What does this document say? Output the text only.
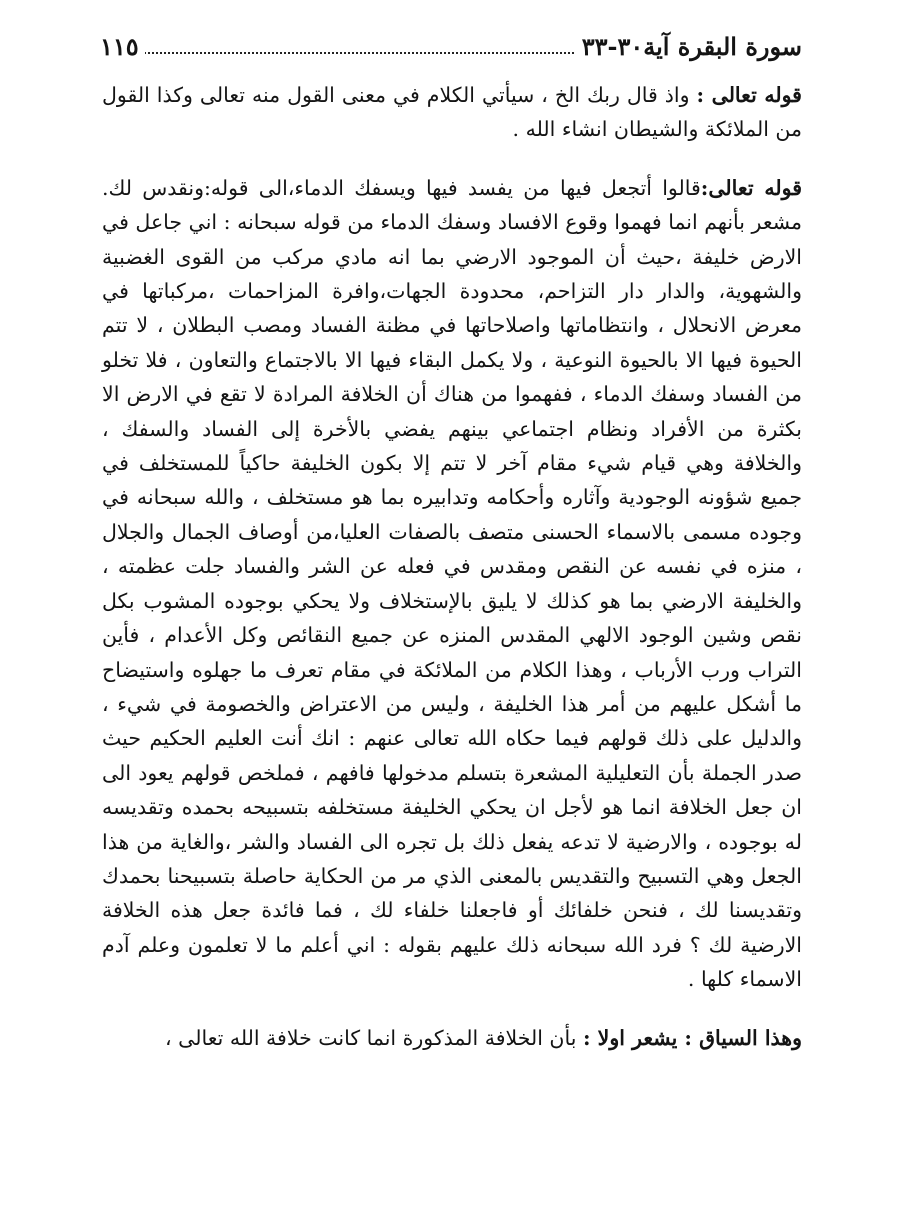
سورة البقرة آية٣٠-٣٣
١١٥

قوله تعالى : واذ قال ربك الخ ، سيأتي الكلام في معنى القول منه تعالى وكذا القول من الملائكة والشيطان انشاء الله .

قوله تعالى:قالوا أتجعل فيها من يفسد فيها ويسفك الدماء،الى قوله:ونقدس لك. مشعر بأنهم انما فهموا وقوع الافساد وسفك الدماء من قوله سبحانه : اني جاعل في الارض خليفة ،حيث أن الموجود الارضي بما انه مادي مركب من القوى الغضبية والشهوية، والدار دار التزاحم، محدودة الجهات،وافرة المزاحمات ،مركباتها في معرض الانحلال ، وانتظاماتها واصلاحاتها في مظنة الفساد ومصب البطلان ، لا تتم الحيوة فيها الا بالحيوة النوعية ، ولا يكمل البقاء فيها الا بالاجتماع والتعاون ، فلا تخلو من الفساد وسفك الدماء ، ففهموا من هناك أن الخلافة المرادة لا تقع في الارض الا بكثرة من الأفراد ونظام اجتماعي بينهم يفضي بالأخرة إلى الفساد والسفك ، والخلافة وهي قيام شيء مقام آخر لا تتم إلا بكون الخليفة حاكياً للمستخلف في جميع شؤونه الوجودية وآثاره وأحكامه وتدابيره بما هو مستخلف ، والله سبحانه في وجوده مسمى بالاسماء الحسنى متصف بالصفات العليا،من أوصاف الجمال والجلال ، منزه في نفسه عن النقص ومقدس في فعله عن الشر والفساد جلت عظمته ، والخليفة الارضي بما هو كذلك لا يليق بالإستخلاف ولا يحكي بوجوده المشوب بكل نقص وشين الوجود الالهي المقدس المنزه عن جميع النقائص وكل الأعدام ، فأين التراب ورب الأرباب ، وهذا الكلام من الملائكة في مقام تعرف ما جهلوه واستيضاح ما أشكل عليهم من أمر هذا الخليفة ، وليس من الاعتراض والخصومة في شيء ، والدليل على ذلك قولهم فيما حكاه الله تعالى عنهم : انك أنت العليم الحكيم حيث صدر الجملة بأن التعليلية المشعرة بتسلم مدخولها فافهم ، فملخص قولهم يعود الى ان جعل الخلافة انما هو لأجل ان يحكي الخليفة مستخلفه بتسبيحه بحمده وتقديسه له بوجوده ، والارضية لا تدعه يفعل ذلك بل تجره الى الفساد والشر ،والغاية من هذا الجعل وهي التسبيح والتقديس بالمعنى الذي مر من الحكاية حاصلة بتسبيحنا بحمدك وتقديسنا لك ، فنحن خلفائك أو فاجعلنا خلفاء لك ، فما فائدة جعل هذه الخلافة الارضية لك ؟ فرد الله سبحانه ذلك عليهم بقوله : اني أعلم ما لا تعلمون وعلم آدم الاسماء كلها .

وهذا السياق : يشعر اولا : بأن الخلافة المذكورة انما كانت خلافة الله تعالى ،
